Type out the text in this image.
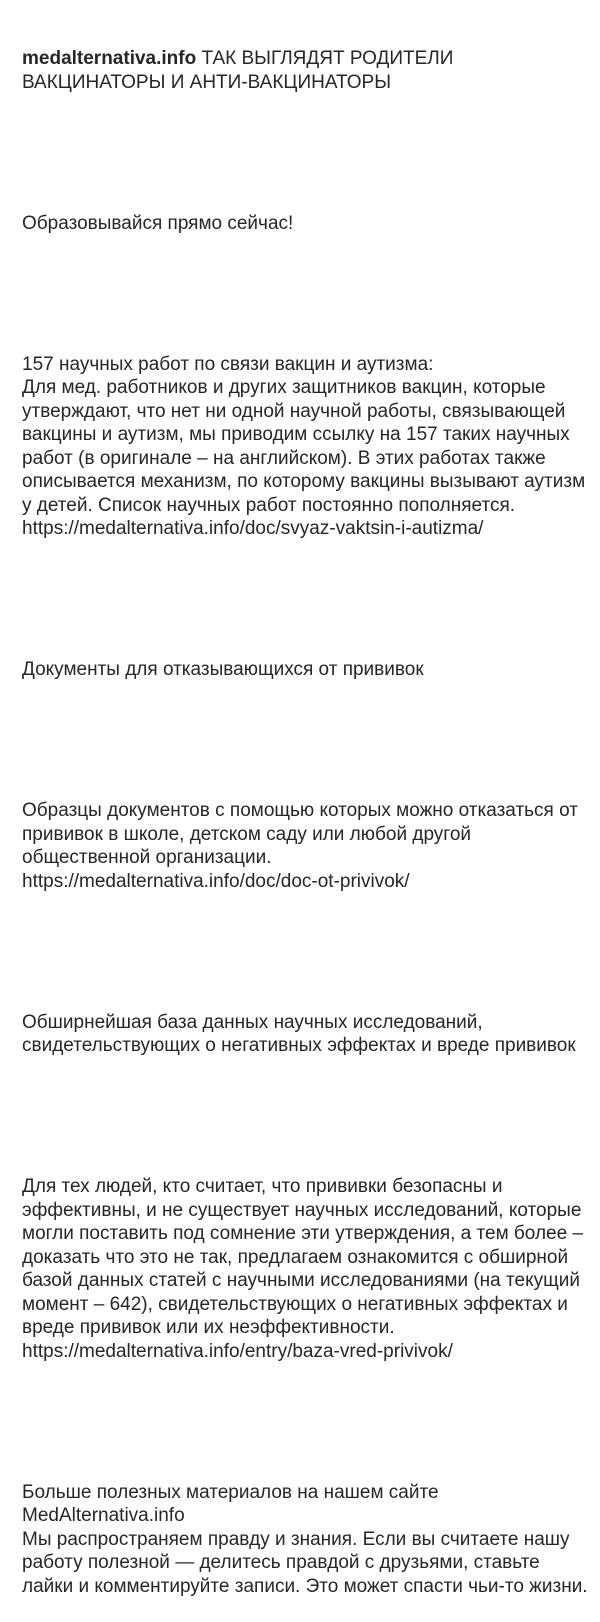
medalternativa.info ТАК ВЫГЛЯДЯТ РОДИТЕЛИ ВАКЦИНАТОРЫ И АНТИ-ВАКЦИНАТОРЫ

Образовывайся прямо сейчас!

157 научных работ по связи вакцин и аутизма:
Для мед. работников и других защитников вакцин, которые утверждают, что нет ни одной научной работы, связывающей вакцины и аутизм, мы приводим ссылку на 157 таких научных работ (в оригинале – на английском). В этих работах также описывается механизм, по которому вакцины вызывают аутизм у детей. Список научных работ постоянно пополняется.
https://medalternativa.info/doc/svyaz-vaktsin-i-autizma/

Документы для отказывающихся от прививок

Образцы документов с помощью которых можно отказаться от прививок в школе, детском саду или любой другой общественной организации.
https://medalternativa.info/doc/doc-ot-privivok/

Обширнейшая база данных научных исследований, свидетельствующих о негативных эффектах и вреде прививок

Для тех людей, кто считает, что прививки безопасны и эффективны, и не существует научных исследований, которые могли поставить под сомнение эти утверждения, а тем более – доказать что это не так, предлагаем ознакомится с обширной базой данных статей с научными исследованиями (на текущий момент – 642), свидетельствующих о негативных эффектах и вреде прививок или их неэффективности.
https://medalternativa.info/entry/baza-vred-privivok/

Больше полезных материалов на нашем сайте MedAlternativa.info
Мы распространяем правду и знания. Если вы считаете нашу работу полезной — делитесь правдой с друзьями, ставьте лайки и комментируйте записи. Это может спасти чьи-то жизни.
